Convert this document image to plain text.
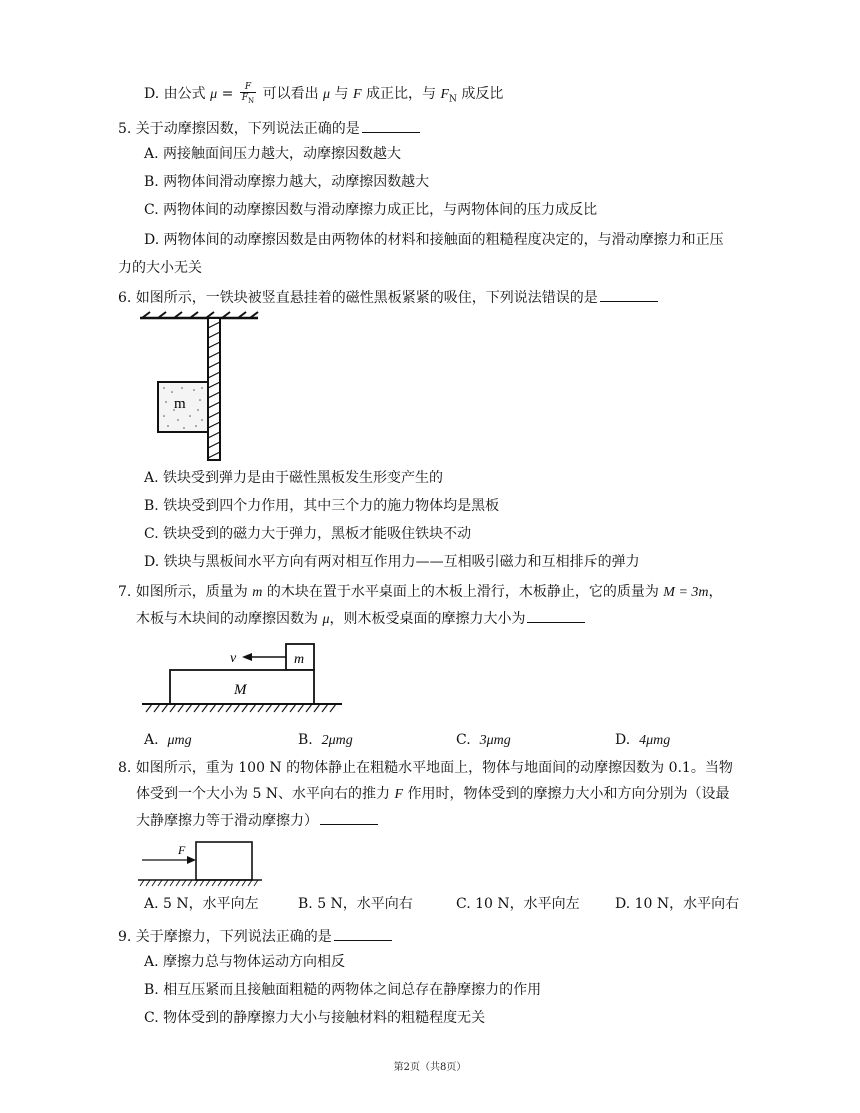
D. 由公式 $\mu = \frac{F}{F_N}$ 可以看出 μ 与 F 成正比，与 $F_N$ 成反比
5. 关于动摩擦因数，下列说法正确的是
A. 两接触面间压力越大，动摩擦因数越大
B. 两物体间滑动摩擦力越大，动摩擦因数越大
C. 两物体间的动摩擦因数与滑动摩擦力成正比，与两物体间的压力成反比
D. 两物体间的动摩擦因数是由两物体的材料和接触面的粗糙程度决定的，与滑动摩擦力和正压
力的大小无关
6. 如图所示，一铁块被竖直悬挂着的磁性黑板紧紧的吸住，下列说法错误的是
m
A. 铁块受到弹力是由于磁性黑板发生形变产生的
B. 铁块受到四个力作用，其中三个力的施力物体均是黑板
C. 铁块受到的磁力大于弹力，黑板才能吸住铁块不动
D. 铁块与黑板间水平方向有两对相互作用力——互相吸引磁力和互相排斥的弹力
7. 如图所示，质量为 m 的木块在置于水平桌面上的木板上滑行，木板静止，它的质量为 M = 3m，
木板与木块间的动摩擦因数为 μ，则木板受桌面的摩擦力大小为
m
M
v
A. μmg	B. 2μmg	C. 3μmg	D. 4μmg
8. 如图所示，重为 100 N 的物体静止在粗糙水平地面上，物体与地面间的动摩擦因数为 0.1。当物
体受到一个大小为 5 N、水平向右的推力 F 作用时，物体受到的摩擦力大小和方向分别为（设最
大静摩擦力等于滑动摩擦力）
F
A. 5 N，水平向左	B. 5 N，水平向右	C. 10 N，水平向左	D. 10 N，水平向右
9. 关于摩擦力，下列说法正确的是
A. 摩擦力总与物体运动方向相反
B. 相互压紧而且接触面粗糙的两物体之间总存在静摩擦力的作用
C. 物体受到的静摩擦力大小与接触材料的粗糙程度无关
第2页（共8页）
